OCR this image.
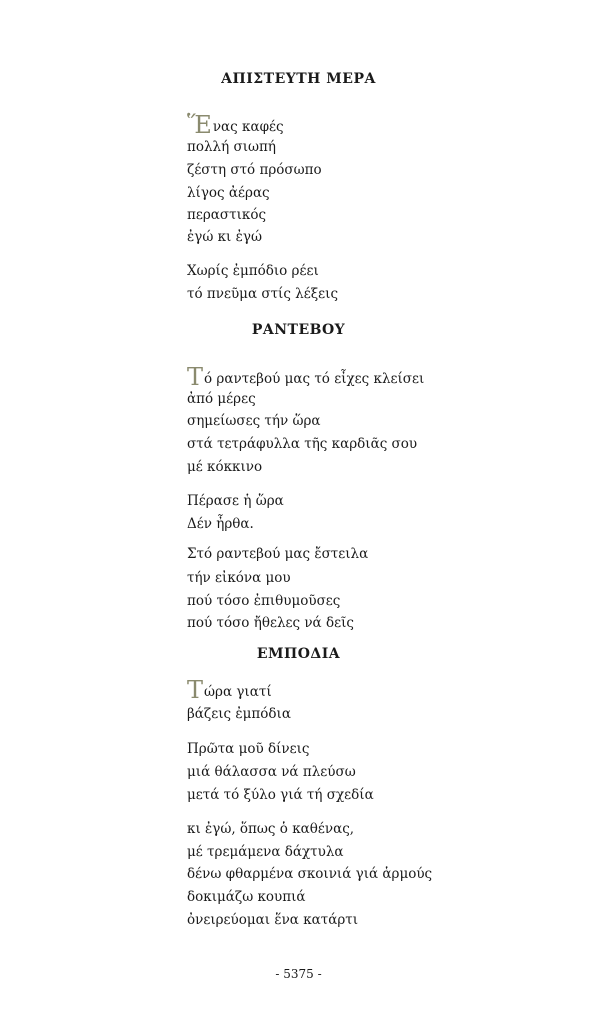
ΑΠΙΣΤΕΥΤΗ ΜΕΡΑ

Ἕνας καφές

πολλή σιωπή

ζέστη στό πρόσωπο

λίγος ἀέρας

περαστικός

ἐγώ κι ἐγώ

Χωρίς ἐμπόδιο ρέει

τό πνεῦμα στίς λέξεις

ΡΑΝΤΕΒΟΥ

Τό ραντεβού μας τό εἶχες κλείσει

ἀπό μέρες

σημείωσες τήν ὥρα

στά τετράφυλλα τῆς καρδιᾶς σου

μέ κόκκινο

Πέρασε ἡ ὥρα

Δέν ἦρθα.

Στό ραντεβού μας ἔστειλα

τήν εἰκόνα μου

πού τόσο ἐπιθυμοῦσες

πού τόσο ἤθελες νά δεῖς

ΕΜΠΟΔΙΑ

Τώρα γιατί

βάζεις ἐμπόδια

Πρῶτα μοῦ δίνεις

μιά θάλασσα νά πλεύσω

μετά τό ξύλο γιά τή σχεδία

κι ἐγώ, ὅπως ὁ καθένας,

μέ τρεμάμενα δάχτυλα

δένω φθαρμένα σκοινιά γιά ἁρμούς

δοκιμάζω κουπιά

ὀνειρεύομαι ἕνα κατάρτι

- 5375 -
